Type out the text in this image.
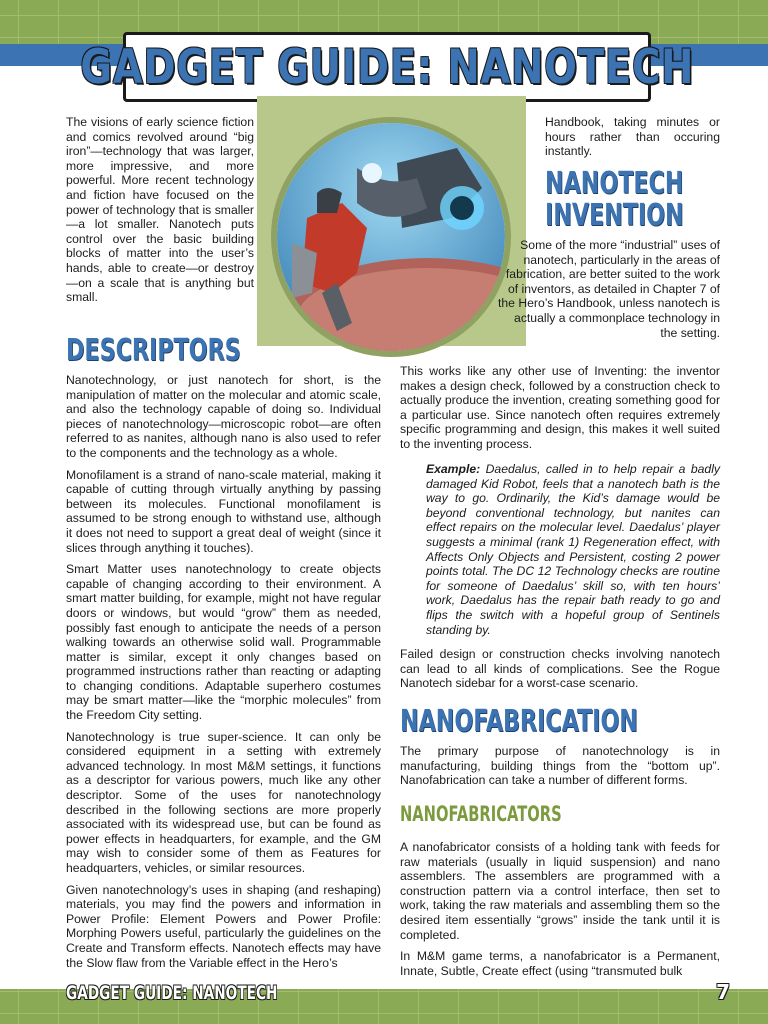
GADGET GUIDE: NANOTECH

The visions of early science fiction and comics revolved around “big iron”—technology that was larger, more impressive, and more powerful. More recent technology and fiction have focused on the power of technology that is smaller—a lot smaller. Nanotech puts control over the basic building blocks of matter into the user’s hands, able to create—or destroy—on a scale that is anything but small.

Handbook, taking minutes or hours rather than occuring instantly.

NANOTECH
INVENTION

Some of the more “industrial” uses of nanotech, particularly in the areas of fabrication, are better suited to the work of inventors, as detailed in Chapter 7 of the Hero’s Handbook, unless nanotech is actually a commonplace technology in the setting.

DESCRIPTORS

Nanotechnology, or just nanotech for short, is the manipulation of matter on the molecular and atomic scale, and also the technology capable of doing so. Individual pieces of nanotechnology—microscopic robot—are often referred to as nanites, although nano is also used to refer to the components and the technology as a whole.

Monofilament is a strand of nano-scale material, making it capable of cutting through virtually anything by passing between its molecules. Functional monofilament is assumed to be strong enough to withstand use, although it does not need to support a great deal of weight (since it slices through anything it touches).

Smart Matter uses nanotechnology to create objects capable of changing according to their environment. A smart matter building, for example, might not have regular doors or windows, but would “grow” them as needed, possibly fast enough to anticipate the needs of a person walking towards an otherwise solid wall. Programmable matter is similar, except it only changes based on programmed instructions rather than reacting or adapting to changing conditions. Adaptable superhero costumes may be smart matter—like the “morphic molecules” from the Freedom City setting.

Nanotechnology is true super-science. It can only be considered equipment in a setting with extremely advanced technology. In most M&M settings, it functions as a descriptor for various powers, much like any other descriptor. Some of the uses for nanotechnology described in the following sections are more properly associated with its widespread use, but can be found as power effects in headquarters, for example, and the GM may wish to consider some of them as Features for headquarters, vehicles, or similar resources.

Given nanotechnology’s uses in shaping (and reshaping) materials, you may find the powers and information in Power Profile: Element Powers and Power Profile: Morphing Powers useful, particularly the guidelines on the Create and Transform effects. Nanotech effects may have the Slow flaw from the Variable effect in the Hero’s

This works like any other use of Inventing: the inventor makes a design check, followed by a construction check to actually produce the invention, creating something good for a particular use. Since nanotech often requires extremely specific programming and design, this makes it well suited to the inventing process.

Example: Daedalus, called in to help repair a badly damaged Kid Robot, feels that a nanotech bath is the way to go. Ordinarily, the Kid’s damage would be beyond conventional technology, but nanites can effect repairs on the molecular level. Daedalus’ player suggests a minimal (rank 1) Regeneration effect, with Affects Only Objects and Persistent, costing 2 power points total. The DC 12 Technology checks are routine for someone of Daedalus’ skill so, with ten hours’ work, Daedalus has the repair bath ready to go and flips the switch with a hopeful group of Sentinels standing by.

Failed design or construction checks involving nanotech can lead to all kinds of complications. See the Rogue Nanotech sidebar for a worst-case scenario.

NANOFABRICATION

The primary purpose of nanotechnology is in manufacturing, building things from the “bottom up”. Nanofabrication can take a number of different forms.

NANOFABRICATORS

A nanofabricator consists of a holding tank with feeds for raw materials (usually in liquid suspension) and nano assemblers. The assemblers are programmed with a construction pattern via a control interface, then set to work, taking the raw materials and assembling them so the desired item essentially “grows” inside the tank until it is completed.

In M&M game terms, a nanofabricator is a Permanent, Innate, Subtle, Create effect (using “transmuted bulk

GADGET GUIDE: NANOTECH	7
